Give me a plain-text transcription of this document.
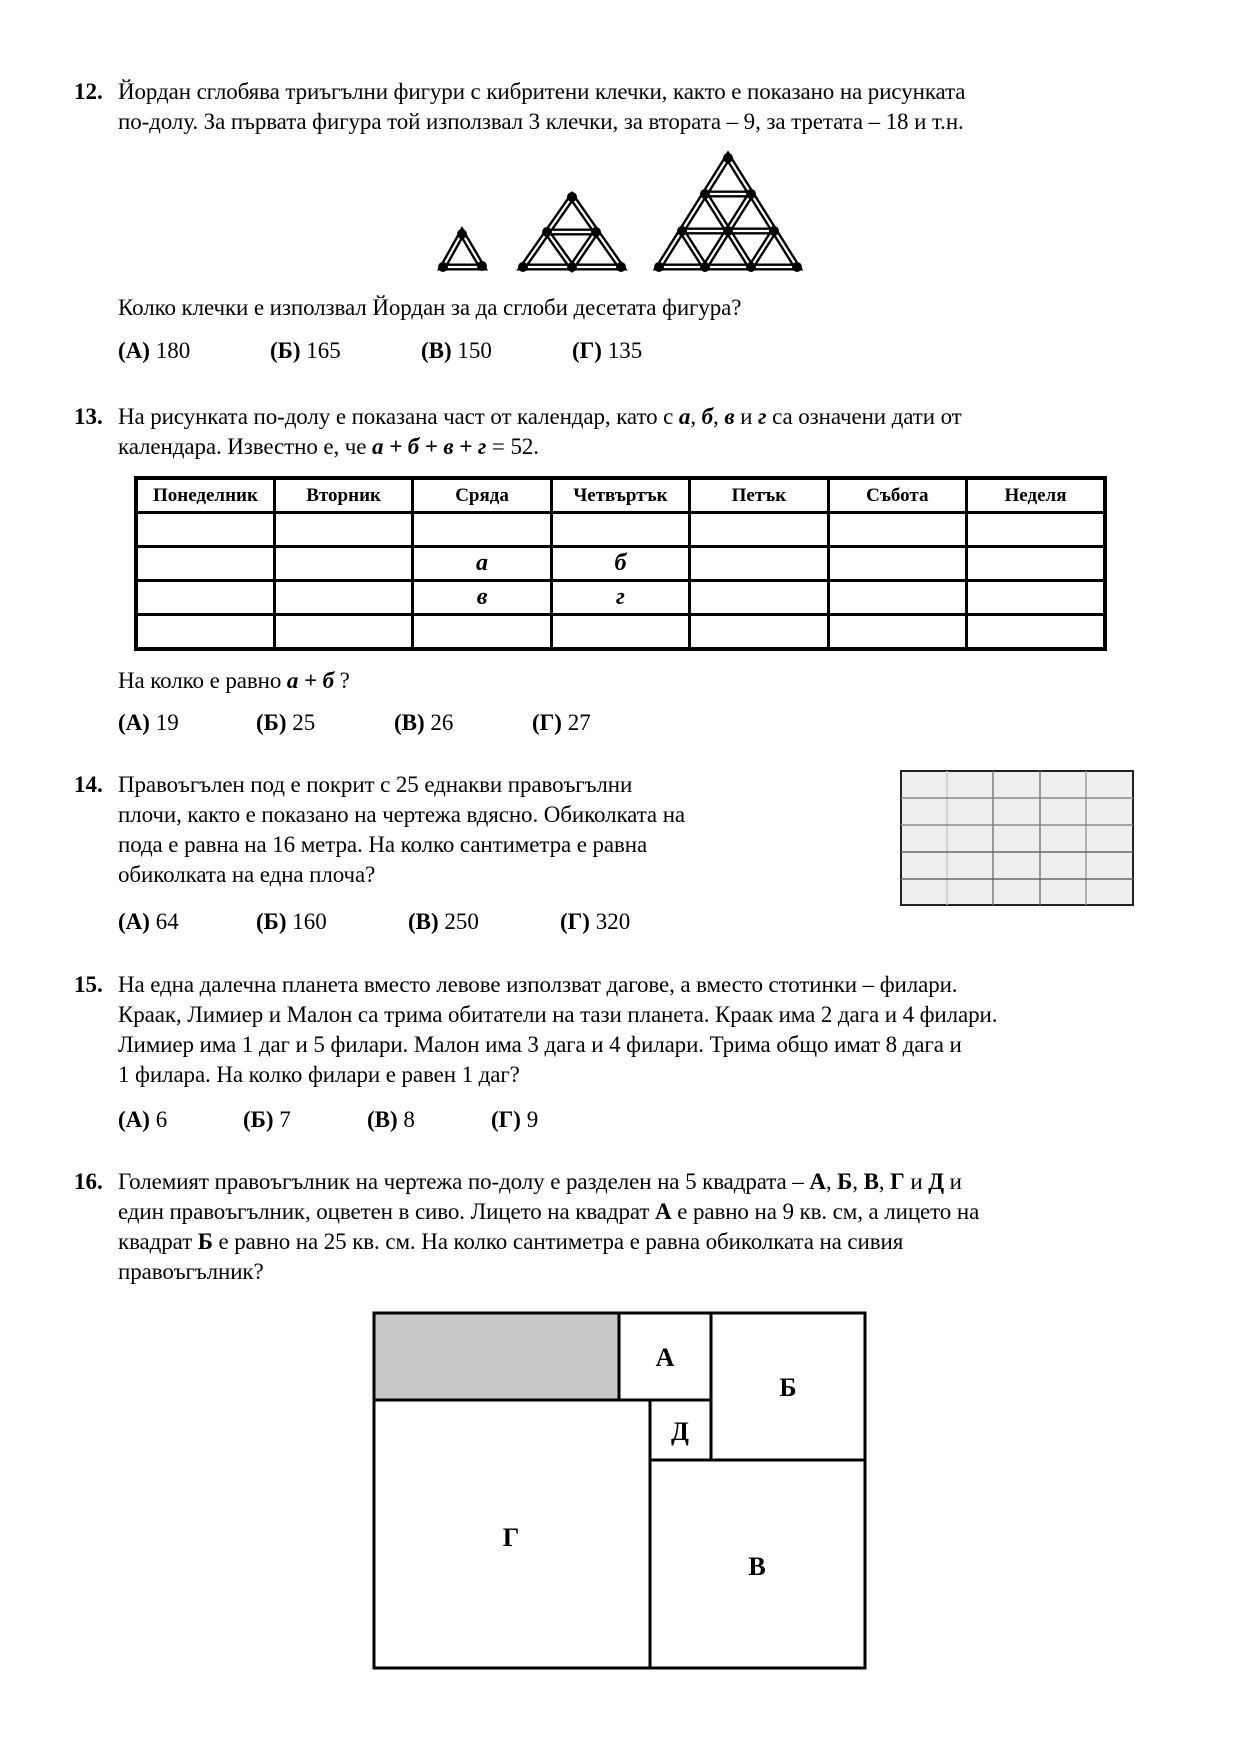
12. Йордан сглобява триъгълни фигури с кибритени клечки, както е показано на рисунката
по-долу. За първата фигура той използвал 3 клечки, за втората – 9, за третата – 18 и т.н.
Колко клечки е използвал Йордан за да сглоби десетата фигура?
(А) 180	(Б) 165	(В) 150	(Г) 135
13. На рисунката по-долу е показана част от календар, като с а, б, в и г са означени дати от
календара. Известно е, че а + б + в + г = 52.
Понеделник	Вторник	Сряда	Четвъртък	Петък	Събота	Неделя

		а	б			
		в	г			

На колко е равно а + б ?
(А) 19	(Б) 25	(В) 26	(Г) 27
14. Правоъгълен под е покрит с 25 еднакви правоъгълни
плочи, както е показано на чертежа вдясно. Обиколката на
пода е равна на 16 метра. На колко сантиметра е равна
обиколката на една плоча?
(А) 64	(Б) 160	(В) 250	(Г) 320
15. На една далечна планета вместо левове използват дагове, а вместо стотинки – филари.
Краак, Лимиер и Малон са трима обитатели на тази планета. Краак има 2 дага и 4 филари.
Лимиер има 1 даг и 5 филари. Малон има 3 дага и 4 филари. Трима общо имат 8 дага и
1 филара. На колко филари е равен 1 даг?
(А) 6	(Б) 7	(В) 8	(Г) 9
16. Големият правоъгълник на чертежа по-долу е разделен на 5 квадрата – А, Б, В, Г и Д и
един правоъгълник, оцветен в сиво. Лицето на квадрат А е равно на 9 кв. см, а лицето на
квадрат Б е равно на 25 кв. см. На колко сантиметра е равна обиколката на сивия
правоъгълник?
А
Б
Д
Г
В
